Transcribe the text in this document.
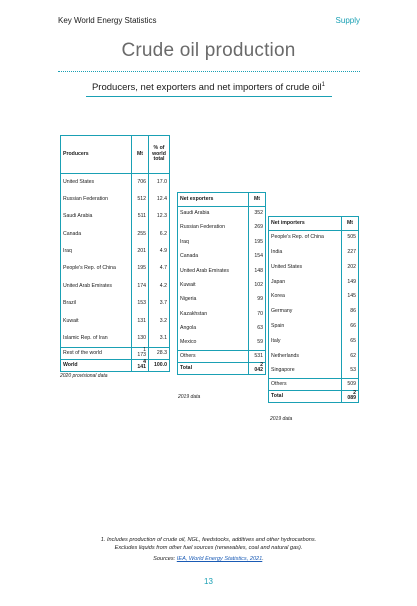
Key World Energy Statistics	Supply
Crude oil production
Producers, net exporters and net importers of crude oil$^1$
Producers	Mt	% of
world
total
United States	706	17.0
Russian Federation	512	12.4
Saudi Arabia	511	12.3
Canada	255	6.2
Iraq	201	4.9
People's Rep. of China	195	4.7
United Arab Emirates	174	4.2
Brazil	153	3.7
Kuwait	131	3.2
Islamic Rep. of Iran	130	3.1
Rest of the world	1 173	28.3
World	4 141	100.0
2020 provisional data
Net exporters	Mt
Saudi Arabia	352
Russian Federation	269
Iraq	195
Canada	154
United Arab Emirates	148
Kuwait	102
Nigeria	99
Kazakhstan	70
Angola	63
Mexico	59
Others	531
Total	2 042
2019 data
Net importers	Mt
People's Rep. of China	505
India	227
United States	202
Japan	149
Korea	145
Germany	86
Spain	66
Italy	65
Netherlands	62
Singapore	53
Others	509
Total	2 089
2019 data
1. Includes production of crude oil, NGL, feedstocks, additives and other hydrocarbons.
Excludes liquids from other fuel sources (renewables, coal and natural gas).
Sources: IEA, World Energy Statistics, 2021.
13
